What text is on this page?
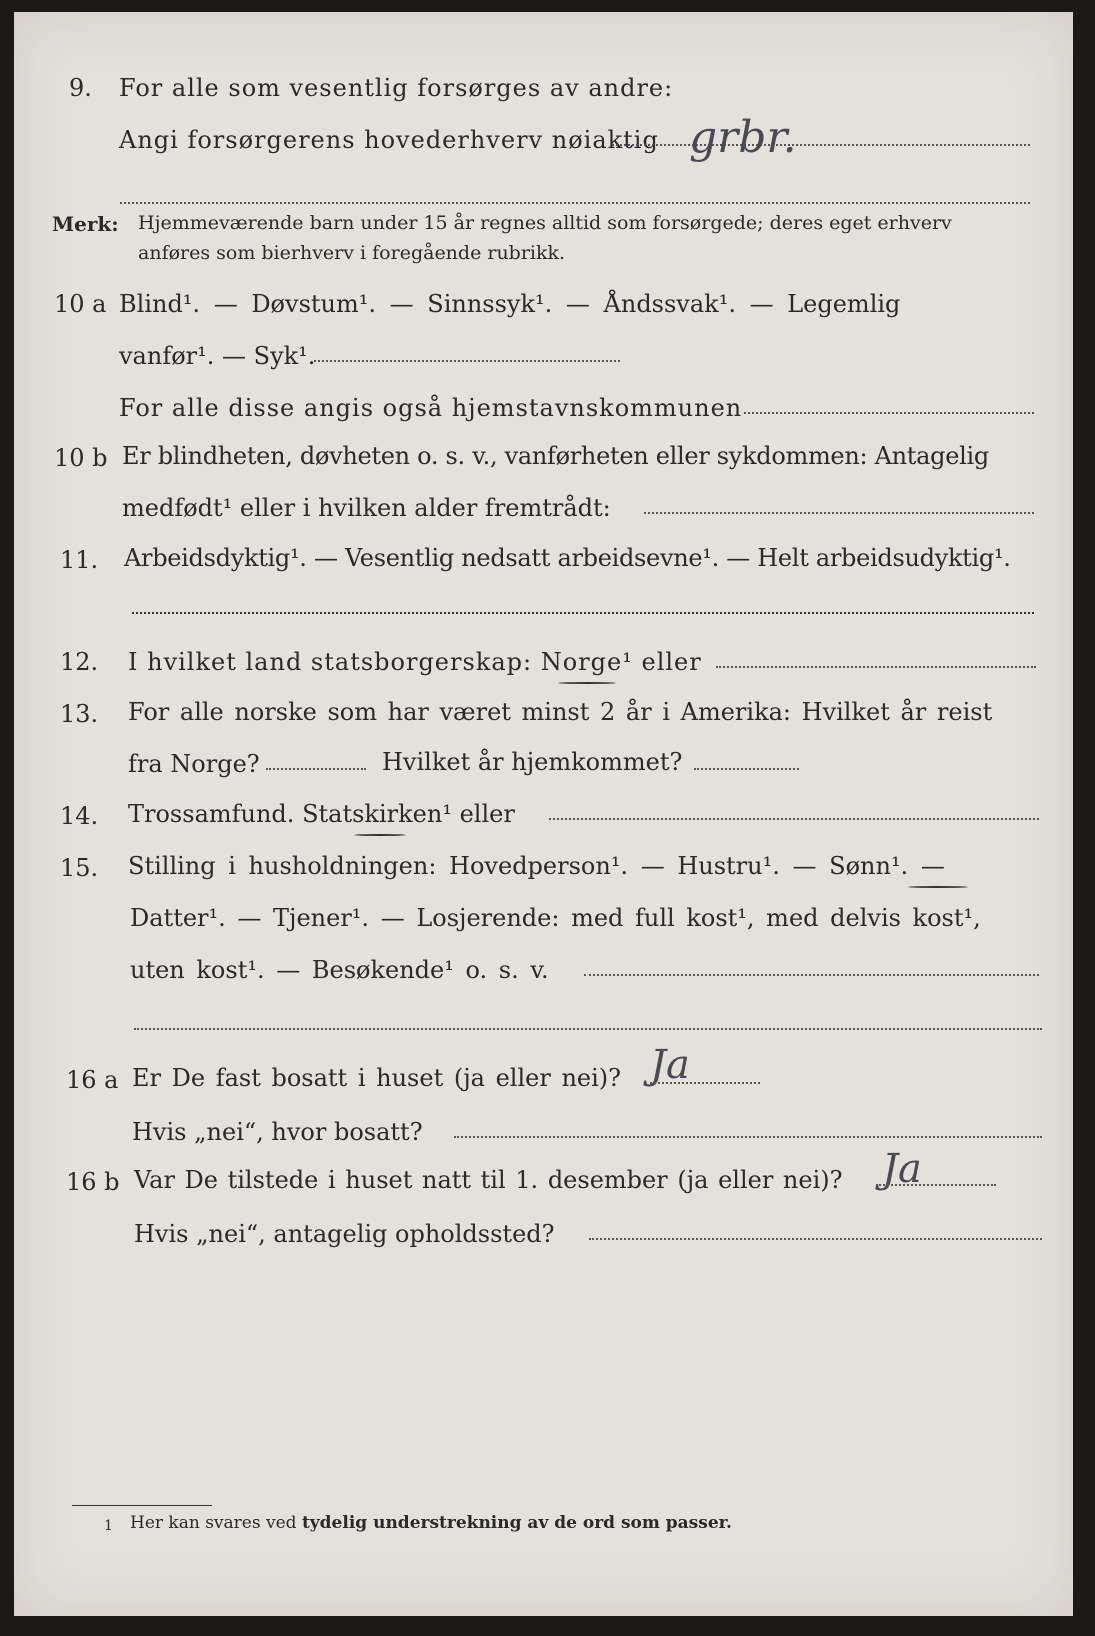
9. For alle som vesentlig forsørges av andre:
Angi forsørgerens hovederhverv nøiaktig grbr.
Merk: Hjemmeværende barn under 15 år regnes alltid som forsørgede; deres eget erhverv
anføres som bierhverv i foregående rubrikk.
10 a Blind¹. — Døvstum¹. — Sinnssyk¹. — Åndssvak¹. — Legemlig
vanfør¹. — Syk¹.
For alle disse angis også hjemstavnskommunen
10 b Er blindheten, døvheten o. s. v., vanførheten eller sykdommen: Antagelig
medfødt¹ eller i hvilken alder fremtrådt:
11. Arbeidsdyktig¹. — Vesentlig nedsatt arbeidsevne¹. — Helt arbeidsudyktig¹.
12. I hvilket land statsborgerskap: Norge¹ eller
13. For alle norske som har været minst 2 år i Amerika: Hvilket år reist
fra Norge?	Hvilket år hjemkommet?
14. Trossamfund. Statskirken¹ eller
15. Stilling i husholdningen: Hovedperson¹. — Hustru¹. — Sønn¹. —
Datter¹. — Tjener¹. — Losjerende: med full kost¹, med delvis kost¹,
uten kost¹. — Besøkende¹ o. s. v.
16 a Er De fast bosatt i huset (ja eller nei)? Ja
Hvis „nei“, hvor bosatt?
16 b Var De tilstede i huset natt til 1. desember (ja eller nei)? Ja
Hvis „nei“, antagelig opholdssted?
1 Her kan svares ved tydelig understrekning av de ord som passer.
